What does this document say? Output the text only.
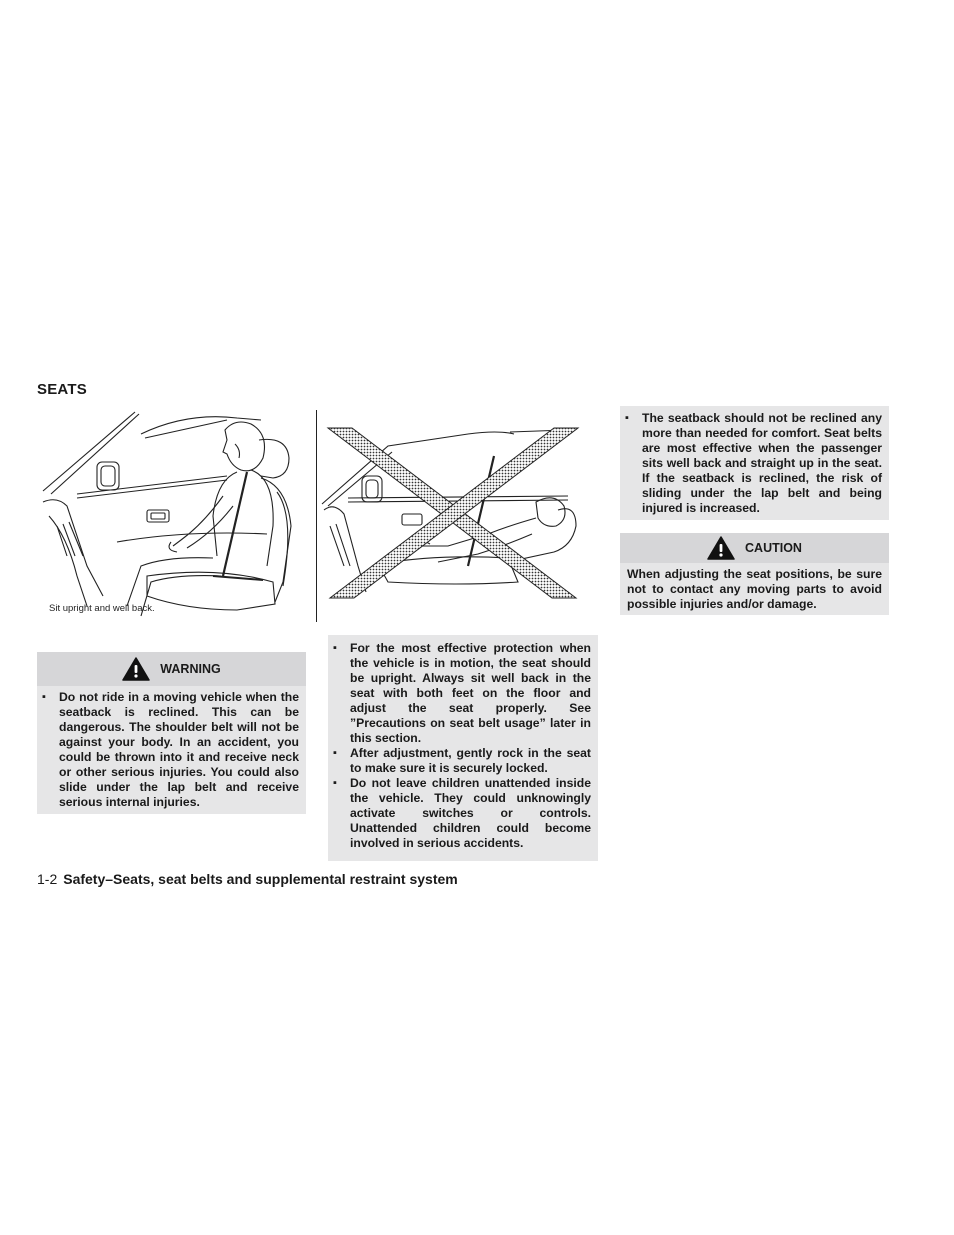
SEATS
Sit upright and well back.
WARNING
▪ Do not ride in a moving vehicle when the seatback is reclined. This can be dangerous. The shoulder belt will not be against your body. In an accident, you could be thrown into it and receive neck or other serious injuries. You could also slide under the lap belt and receive serious internal injuries.
▪ For the most effective protection when the vehicle is in motion, the seat should be upright. Always sit well back in the seat with both feet on the floor and adjust the seat properly. See ”Precautions on seat belt usage” later in this section.
▪ After adjustment, gently rock in the seat to make sure it is securely locked.
▪ Do not leave children unattended inside the vehicle. They could unknowingly activate switches or controls. Unattended children could become involved in serious accidents.
▪ The seatback should not be reclined any more than needed for comfort. Seat belts are most effective when the passenger sits well back and straight up in the seat. If the seatback is reclined, the risk of sliding under the lap belt and being injured is increased.
CAUTION
When adjusting the seat positions, be sure not to contact any moving parts to avoid possible injuries and/or damage.
1-2 Safety–Seats, seat belts and supplemental restraint system
